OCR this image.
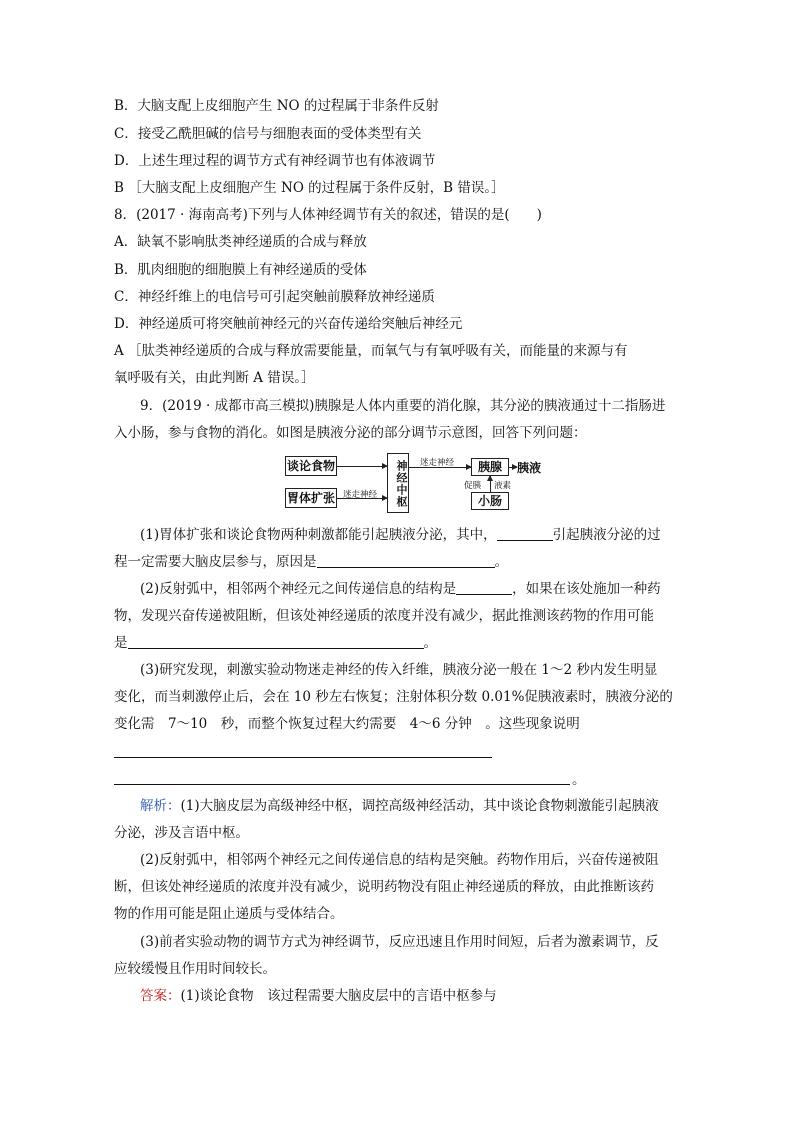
B．大脑支配上皮细胞产生 NO 的过程属于非条件反射
C．接受乙酰胆碱的信号与细胞表面的受体类型有关
D．上述生理过程的调节方式有神经调节也有体液调节
B ［大脑支配上皮细胞产生 NO 的过程属于条件反射，B 错误。］
8．(2017 · 海南高考)下列与人体神经调节有关的叙述，错误的是(　　)
A．缺氧不影响肽类神经递质的合成与释放
B．肌肉细胞的细胞膜上有神经递质的受体
C．神经纤维上的电信号可引起突触前膜释放神经递质
D．神经递质可将突触前神经元的兴奋传递给突触后神经元
A ［肽类神经递质的合成与释放需要能量，而氧气与有氧呼吸有关，而能量的来源与有
氧呼吸有关，由此判断 A 错误。］
9．(2019 · 成都市高三模拟)胰腺是人体内重要的消化腺，其分泌的胰液通过十二指肠进
入小肠，参与食物的消化。如图是胰液分泌的部分调节示意图，回答下列问题：
谈论食物
胃体扩张	神经中枢	胰腺
小肠
胰液
迷走神经
迷走神经
促胰 液素
(1)胃体扩张和谈论食物两种刺激都能引起胰液分泌，其中，	引起胰液分泌的过
程一定需要大脑皮层参与，原因是	。
(2)反射弧中，相邻两个神经元之间传递信息的结构是	，如果在该处施加一种药
物，发现兴奋传递被阻断，但该处神经递质的浓度并没有减少，据此推测该药物的作用可能
是	。
(3)研究发现，刺激实验动物迷走神经的传入纤维，胰液分泌一般在 1～2 秒内发生明显
变化，而当刺激停止后，会在 10 秒左右恢复；注射体积分数 0.01%促胰液素时，胰液分泌的
变化需　7～10　秒，而整个恢复过程大约需要　4～6 分钟　。这些现象说明
。
解析：(1)大脑皮层为高级神经中枢，调控高级神经活动，其中谈论食物刺激能引起胰液
分泌，涉及言语中枢。
(2)反射弧中，相邻两个神经元之间传递信息的结构是突触。药物作用后，兴奋传递被阻
断，但该处神经递质的浓度并没有减少，说明药物没有阻止神经递质的释放，由此推断该药
物的作用可能是阻止递质与受体结合。
(3)前者实验动物的调节方式为神经调节，反应迅速且作用时间短，后者为激素调节，反
应较缓慢且作用时间较长。
答案：(1)谈论食物　该过程需要大脑皮层中的言语中枢参与
